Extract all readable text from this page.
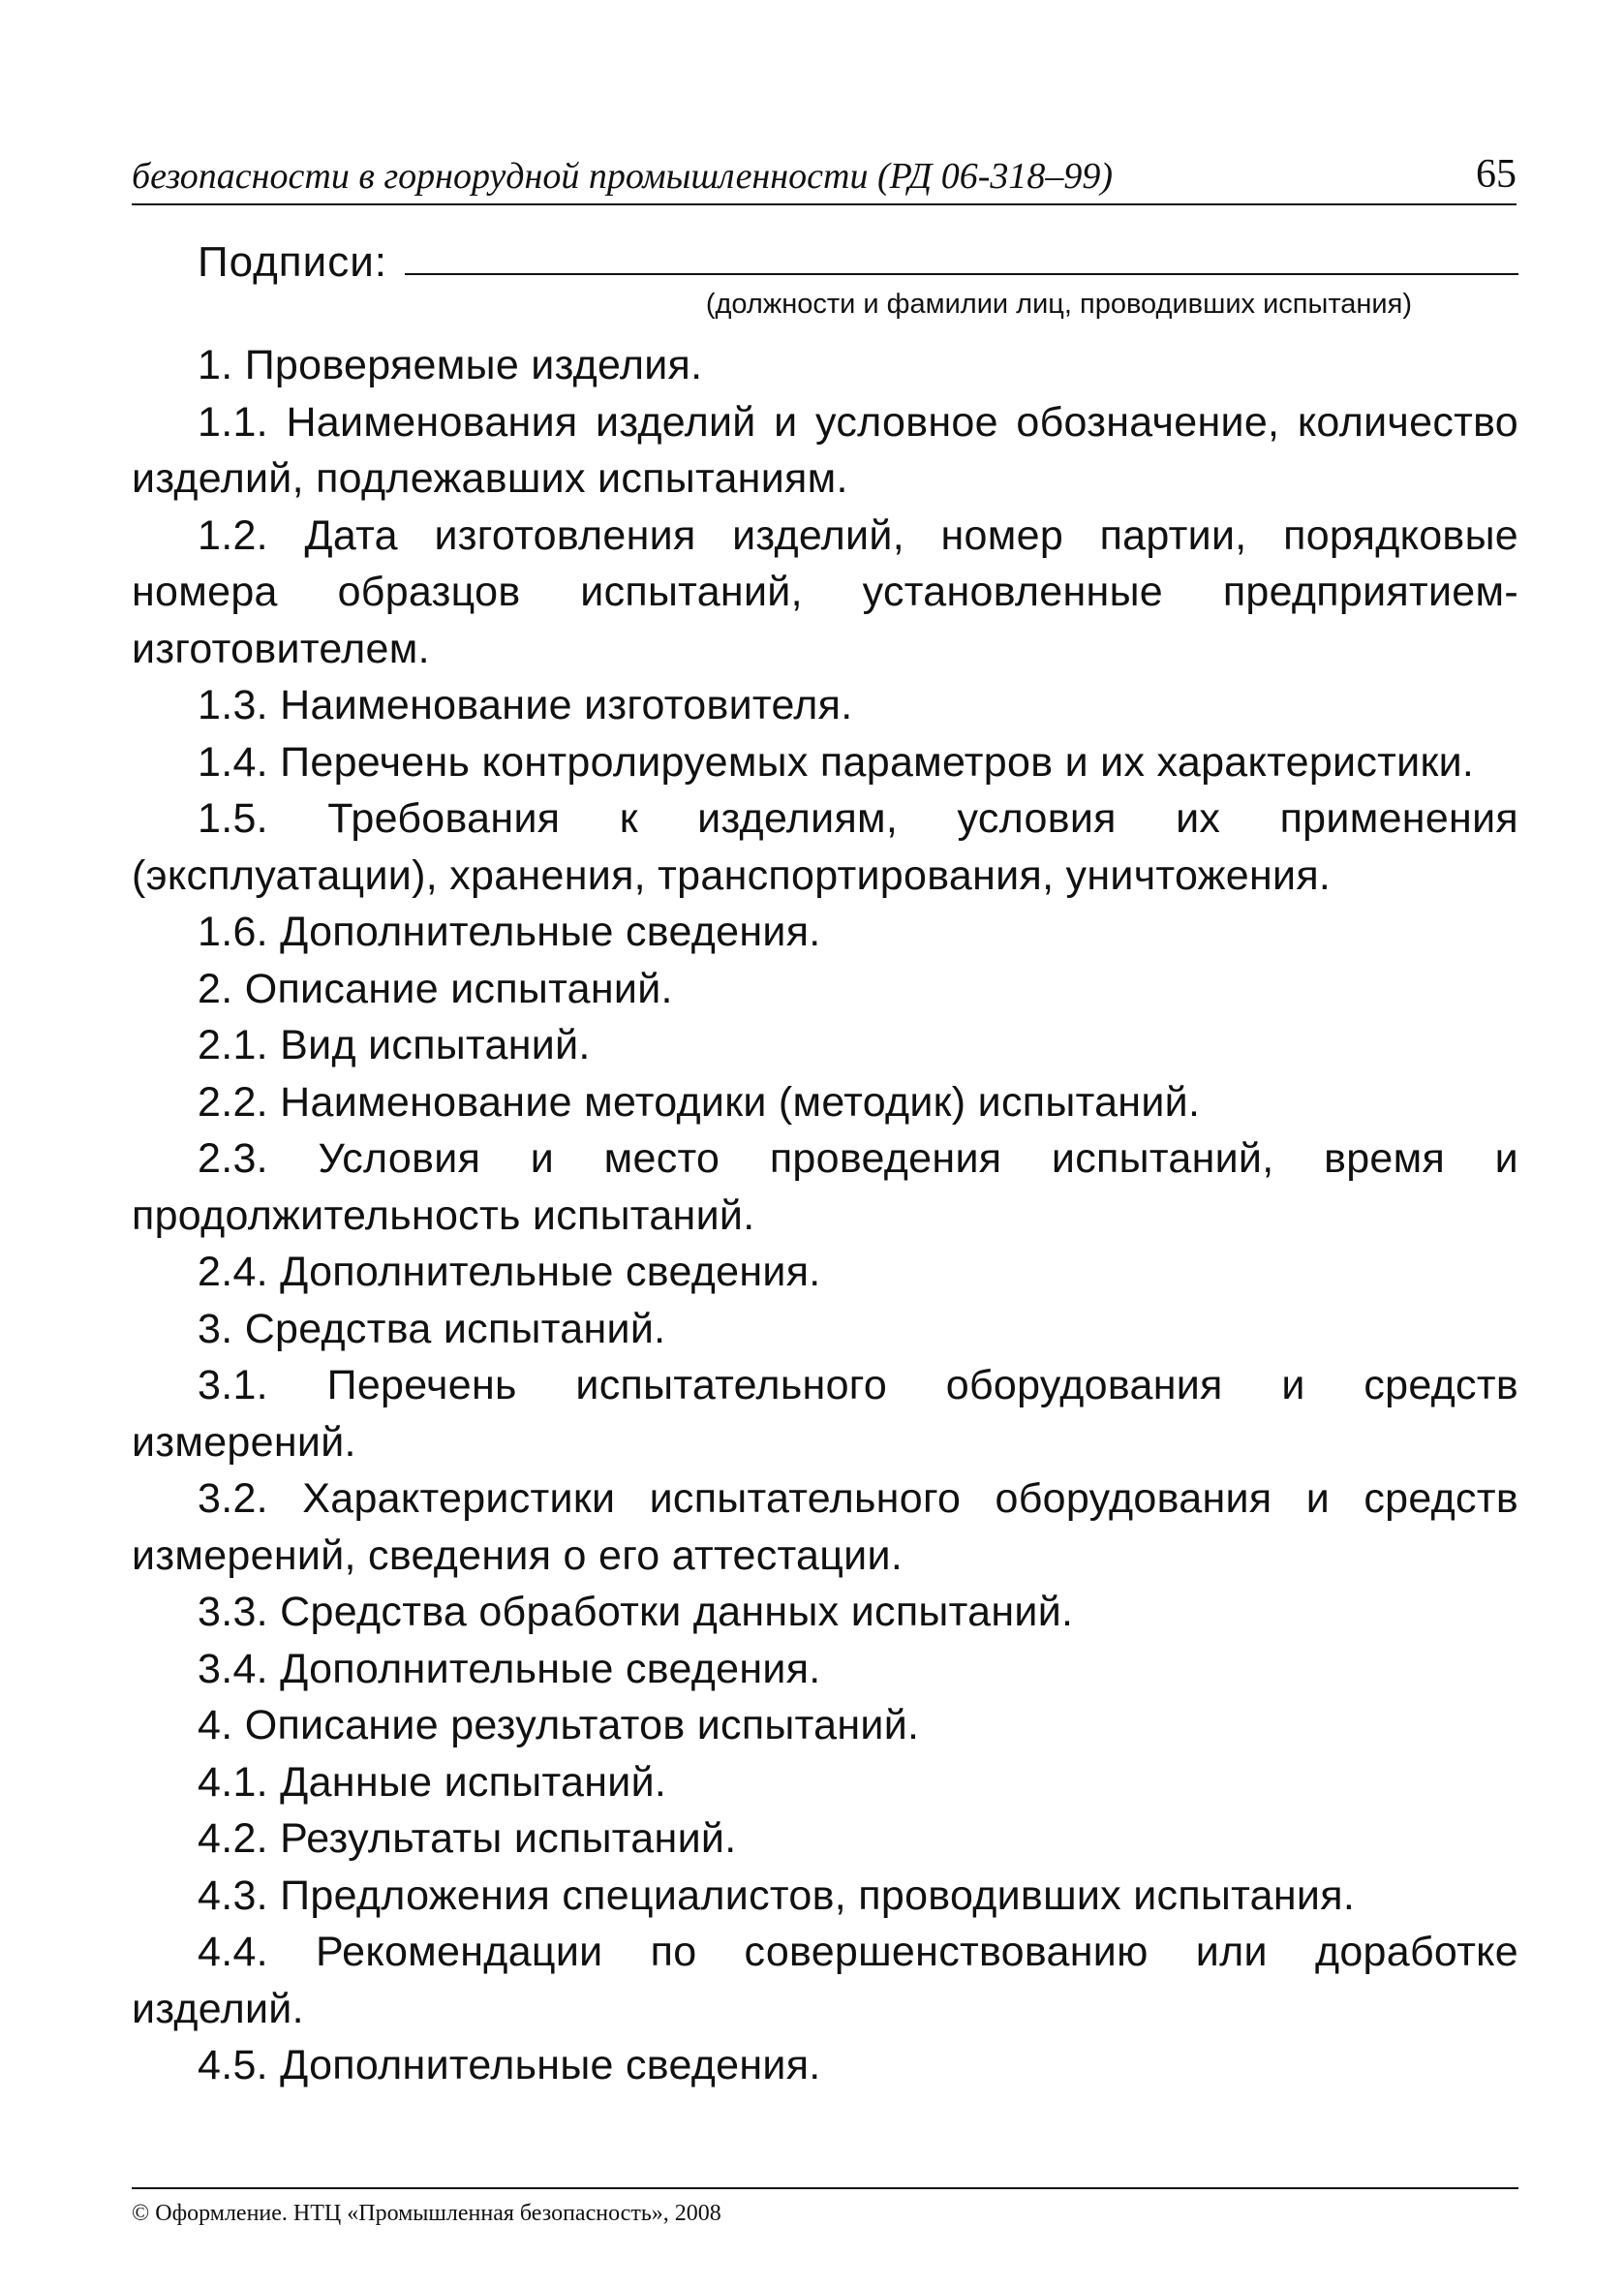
безопасности в горнорудной промышленности (РД 06-318–99)	65
Подписи:
(должности и фамилии лиц, проводивших испытания)

1. Проверяемые изделия.

1.1. Наименования изделий и условное обозначение, количество изделий, подлежавших испытаниям.

1.2. Дата изготовления изделий, номер партии, порядковые номера образцов испытаний, установленные предприятием-изготовителем.

1.3. Наименование изготовителя.

1.4. Перечень контролируемых параметров и их характеристики.

1.5. Требования к изделиям, условия их применения (эксплуатации), хранения, транспортирования, уничтожения.

1.6. Дополнительные сведения.

2. Описание испытаний.

2.1. Вид испытаний.

2.2. Наименование методики (методик) испытаний.

2.3. Условия и место проведения испытаний, время и продолжительность испытаний.

2.4. Дополнительные сведения.

3. Средства испытаний.

3.1. Перечень испытательного оборудования и средств измерений.

3.2. Характеристики испытательного оборудования и средств измерений, сведения о его аттестации.

3.3. Средства обработки данных испытаний.

3.4. Дополнительные сведения.

4. Описание результатов испытаний.

4.1. Данные испытаний.

4.2. Результаты испытаний.

4.3. Предложения специалистов, проводивших испытания.

4.4. Рекомендации по совершенствованию или доработке изделий.

4.5. Дополнительные сведения.

© Оформление. НТЦ «Промышленная безопасность», 2008
